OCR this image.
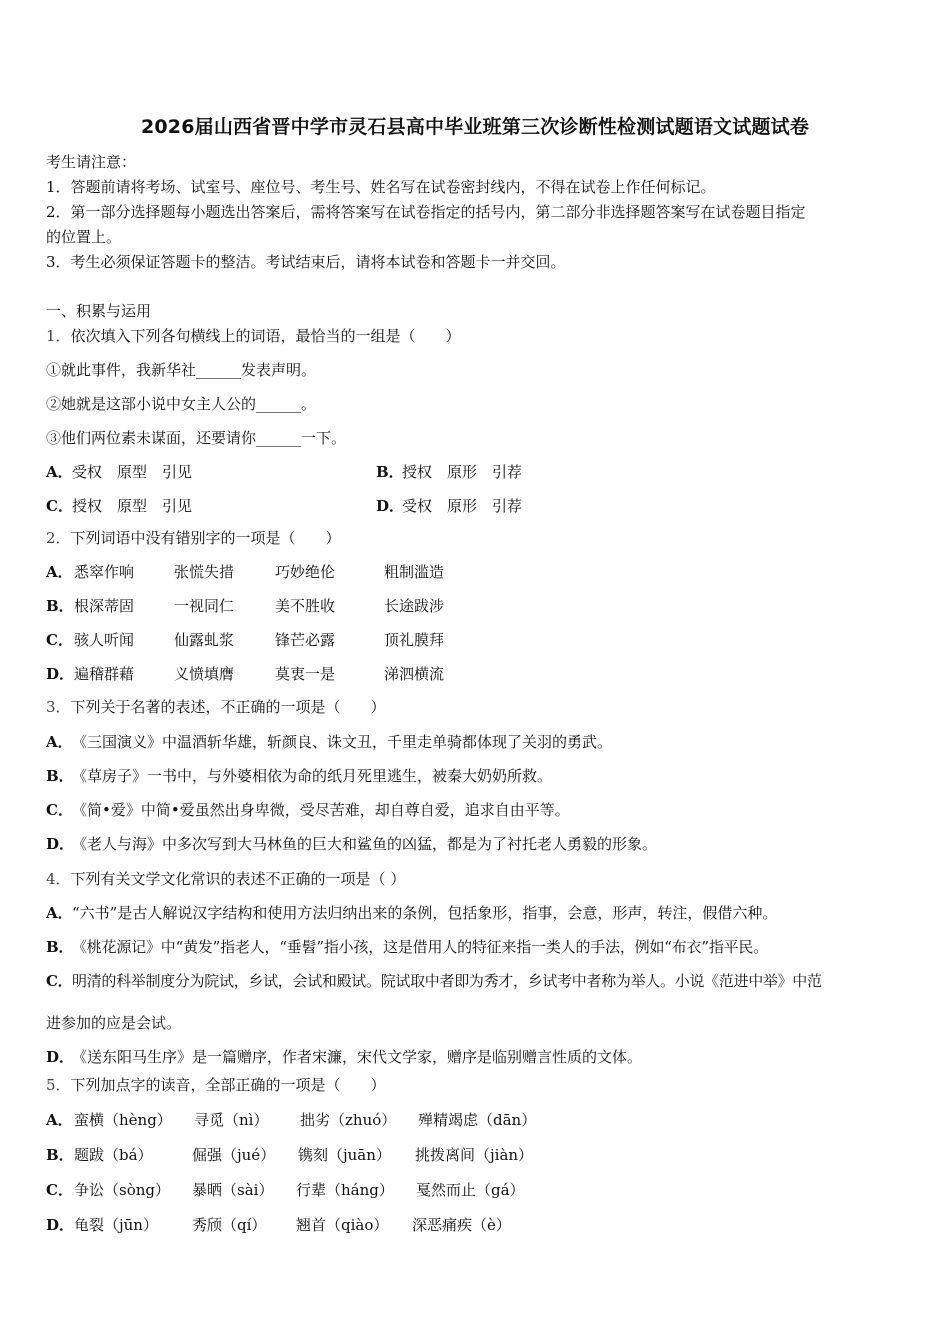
2026届山西省晋中学市灵石县高中毕业班第三次诊断性检测试题语文试题试卷
考生请注意：
1．答题前请将考场、试室号、座位号、考生号、姓名写在试卷密封线内，不得在试卷上作任何标记。
2．第一部分选择题每小题选出答案后，需将答案写在试卷指定的括号内，第二部分非选择题答案写在试卷题目指定
的位置上。
3．考生必须保证答题卡的整洁。考试结束后，请将本试卷和答题卡一并交回。
一、积累与运用
1．依次填入下列各句横线上的词语，最恰当的一组是（　　）
①就此事件，我新华社______发表声明。
②她就是这部小说中女主人公的______。
③他们两位素未谋面，还要请你______一下。
A．受权　原型　引见	B．授权　原形　引荐
C．授权　原型　引见	D．受权　原形　引荐
2．下列词语中没有错别字的一项是（　　）
A． 悉窣作响	张慌失措	巧妙绝伦	粗制滥造
B． 根深蒂固	一视同仁	美不胜收	长途跋涉
C． 骇人听闻	仙露虬浆	锋芒必露	顶礼膜拜
D． 遍稽群藉	义愤填膺	莫衷一是	涕泗横流
3．下列关于名著的表述，不正确的一项是（　　）
A．《三国演义》中温酒斩华雄，斩颜良、诛文丑，千里走单骑都体现了关羽的勇武。
B．《草房子》一书中，与外婆相依为命的纸月死里逃生，被秦大奶奶所救。
C．《简•爱》中简•爱虽然出身卑微，受尽苦难，却自尊自爱，追求自由平等。
D．《老人与海》中多次写到大马林鱼的巨大和鲨鱼的凶猛，都是为了衬托老人勇毅的形象。
4．下列有关文学文化常识的表述不正确的一项是（ ）
A．“六书”是古人解说汉字结构和使用方法归纳出来的条例，包括象形，指事，会意，形声，转注，假借六种。
B．《桃花源记》中“黄发”指老人，“垂髫”指小孩，这是借用人的特征来指一类人的手法，例如“布衣”指平民。
C．明清的科举制度分为院试，乡试，会试和殿试。院试取中者即为秀才，乡试考中者称为举人。小说《范进中举》中范
进参加的应是会试。
D．《送东阳马生序》是一篇赠序，作者宋濂，宋代文学家，赠序是临别赠言性质的文体。
5．下列加点字的读音，全部正确的一项是（　　）
A． 蛮横（hèng） 寻觅（nì） 拙劣（zhuó） 殚精竭虑（dān）
B． 题跋（bá）	倔强（jué） 镌刻（juān） 挑拨离间（jiàn）
C． 争讼（sòng） 暴晒（sài） 行辈（háng） 戛然而止（gá）
D． 龟裂（jūn） 秀颀（qí） 翘首（qiào） 深恶痛疾（è）
